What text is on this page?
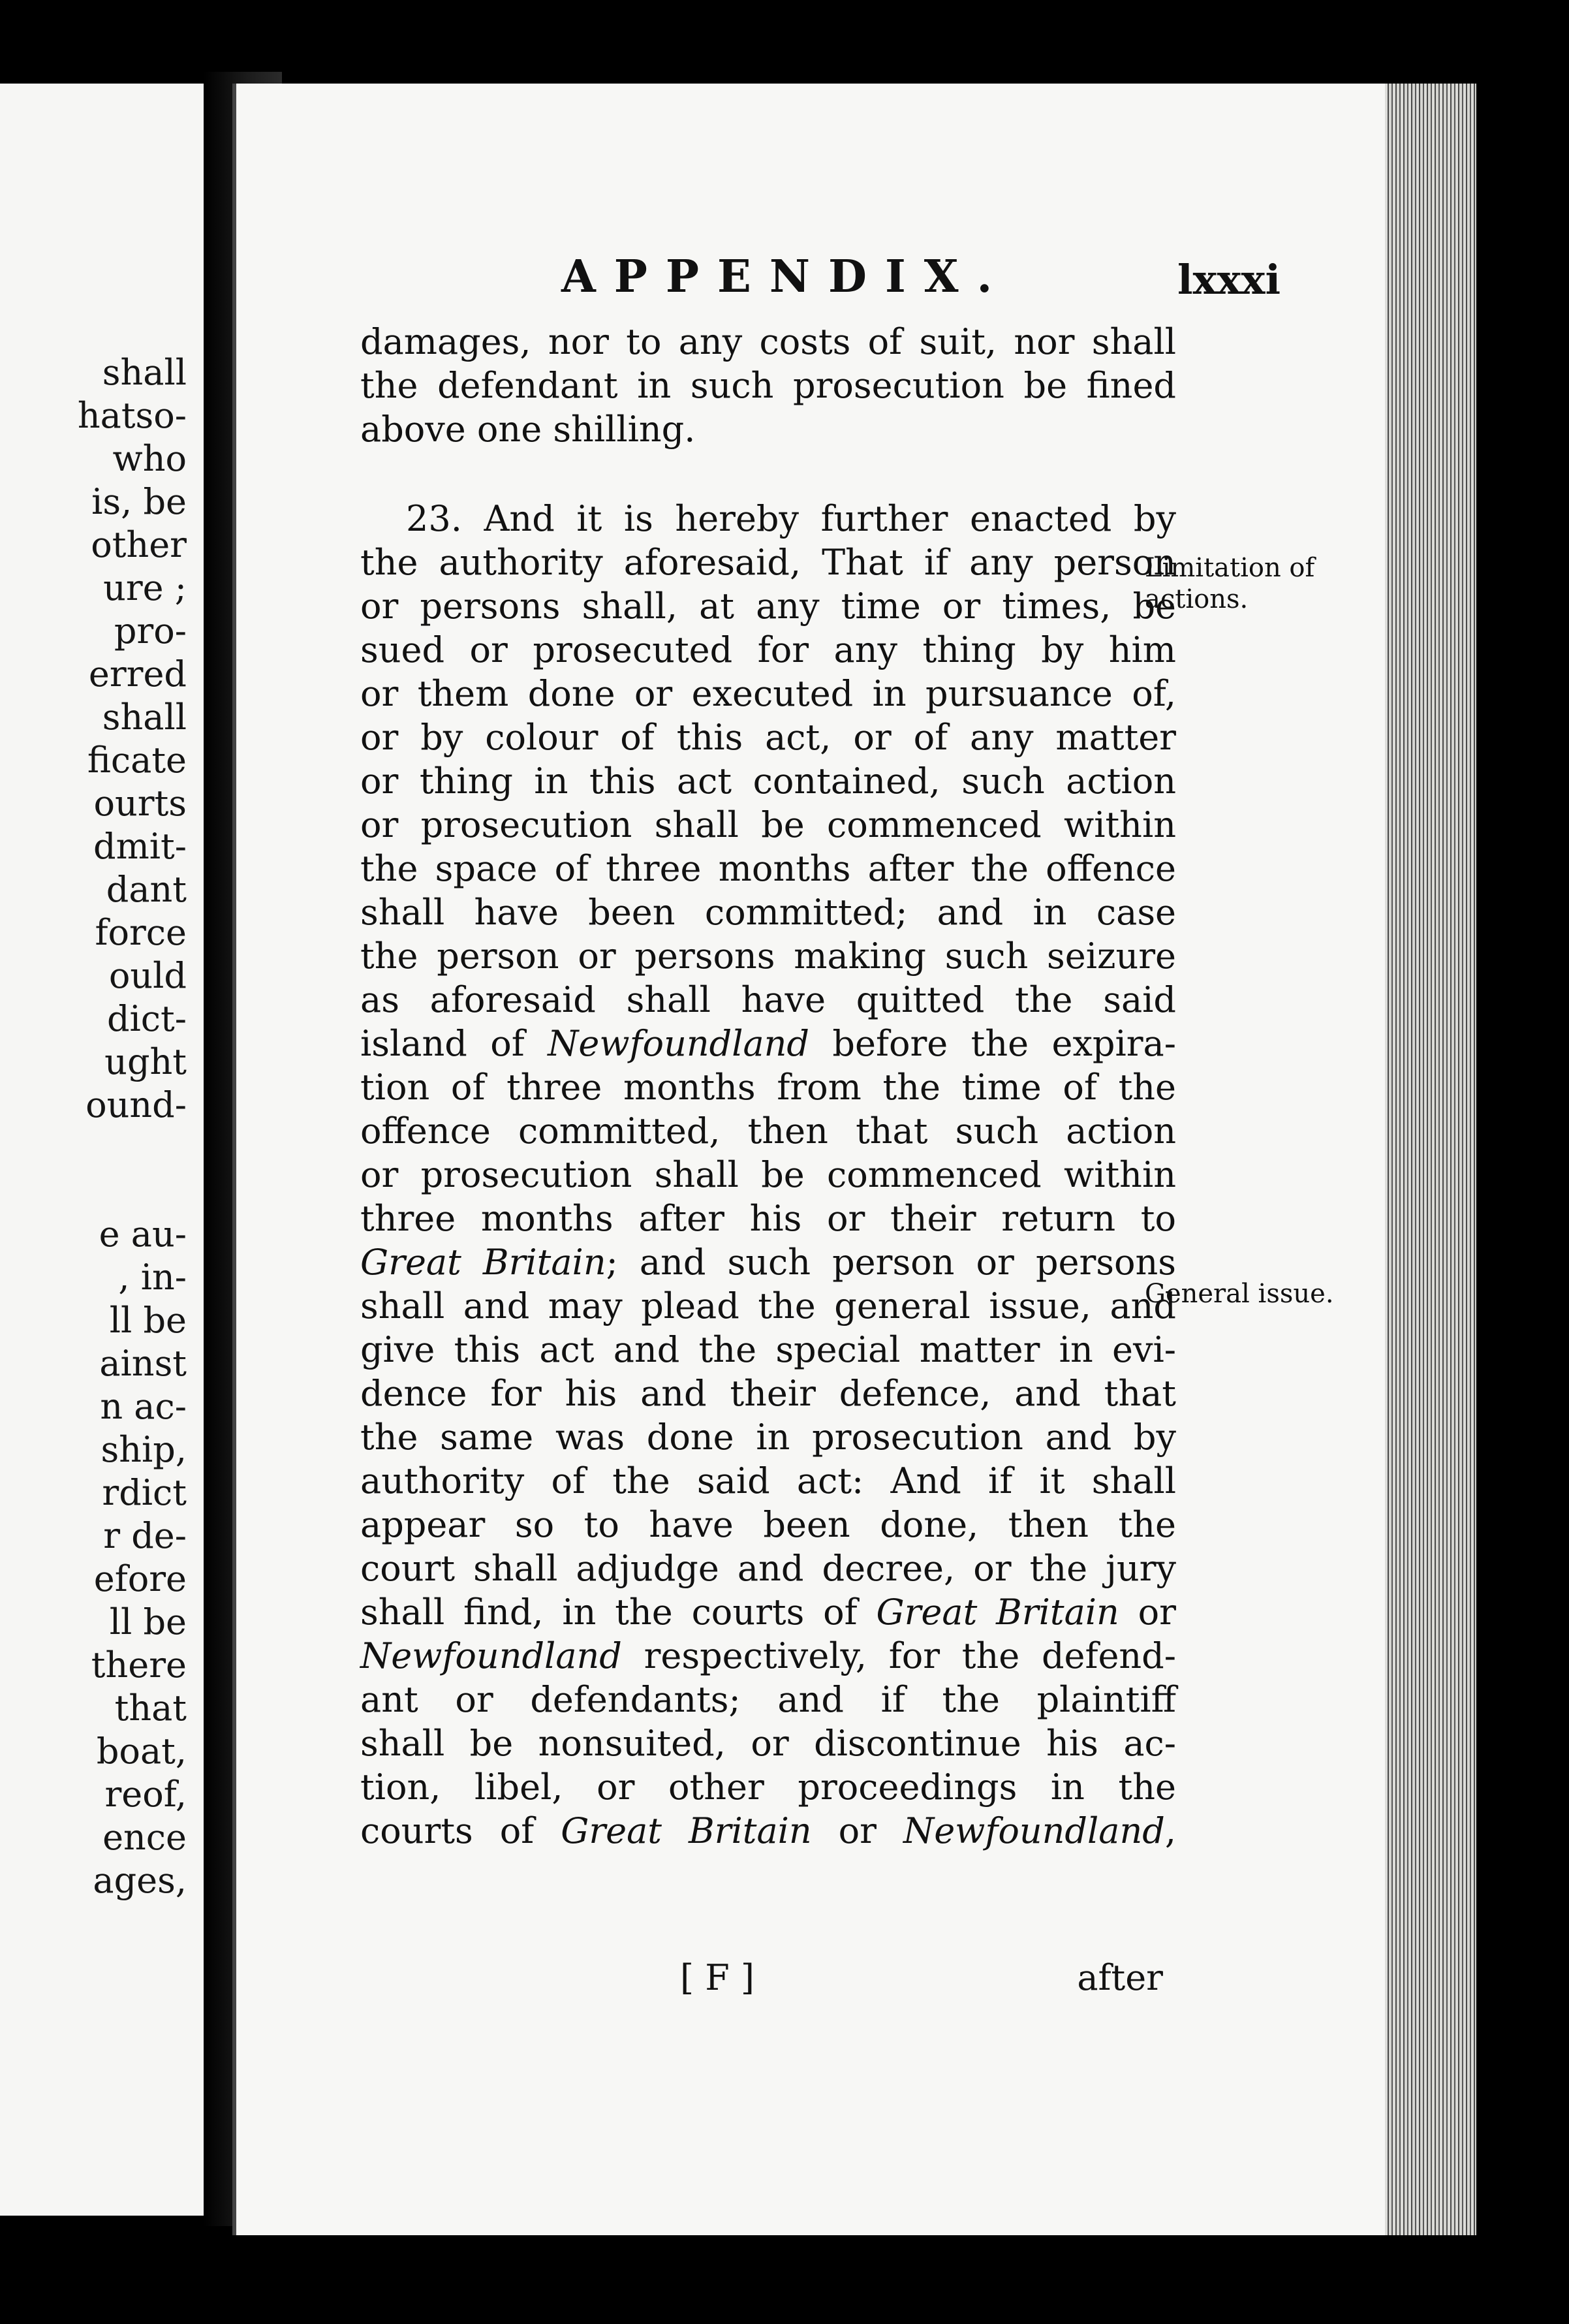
shall
hatso-
who
is, be
other
ure ;
pro-
erred
shall
ficate
ourts
dmit-
dant
force
ould
dict-
ught
ound-
e au-
, in-
ll be
ainst
n ac-
ship,
rdict
r de-
efore
ll be
there
that
boat,
reof,
ence
ages,
APPENDIX.	lxxxi
damages, nor to any costs of suit, nor shall
the defendant in such prosecution be fined
above one shilling.
23. And it is hereby further enacted by
the authority aforesaid, That if any person
or persons shall, at any time or times, be
sued or prosecuted for any thing by him
or them done or executed in pursuance of,
or by colour of this act, or of any matter
or thing in this act contained, such action
or prosecution shall be commenced within
the space of three months after the offence
shall have been committed; and in case
the person or persons making such seizure
as aforesaid shall have quitted the said
island of Newfoundland before the expira-
tion of three months from the time of the
offence committed, then that such action
or prosecution shall be commenced within
three months after his or their return to
Great Britain; and such person or persons
shall and may plead the general issue, and
give this act and the special matter in evi-
dence for his and their defence, and that
the same was done in prosecution and by
authority of the said act: And if it shall
appear so to have been done, then the
court shall adjudge and decree, or the jury
shall find, in the courts of Great Britain or
Newfoundland respectively, for the defend-
ant or defendants; and if the plaintiff
shall be nonsuited, or discontinue his ac-
tion, libel, or other proceedings in the
courts of Great Britain or Newfoundland,
Limitation of
actions.
General issue.
[ F ]	after
